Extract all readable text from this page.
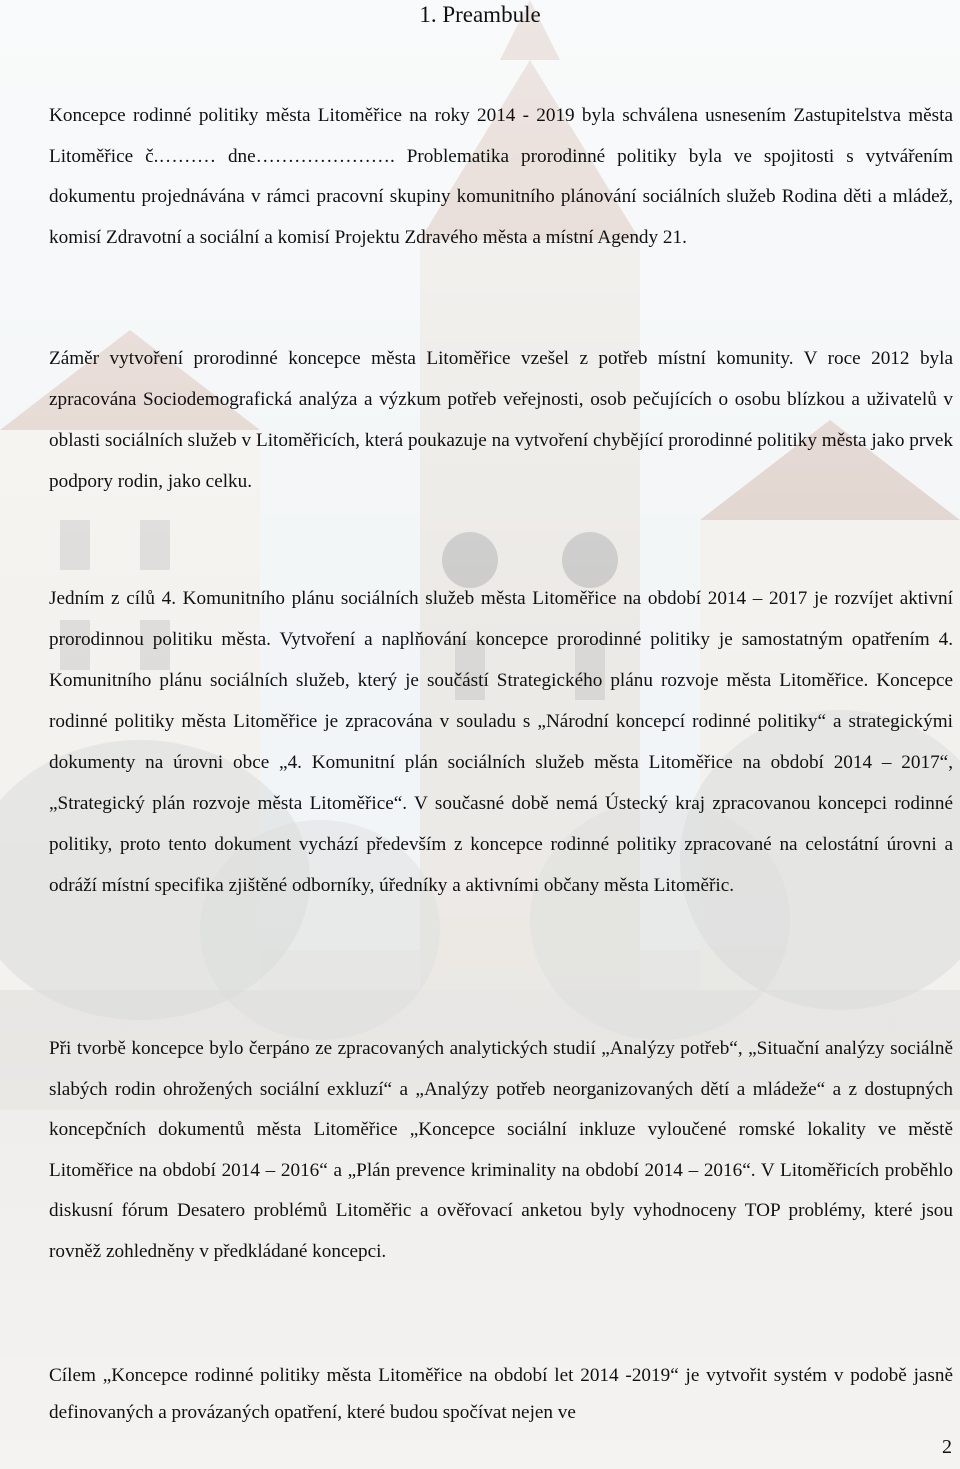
1. Preambule

Koncepce rodinné politiky města Litoměřice na roky 2014 - 2019 byla schválena usnesením Zastupitelstva města Litoměřice č.……… dne…………………. Problematika prorodinné politiky byla ve spojitosti s vytvářením dokumentu projednávána v rámci pracovní skupiny komunitního plánování sociálních služeb Rodina děti a mládež, komisí Zdravotní a sociální a komisí Projektu Zdravého města a místní Agendy 21.

Záměr vytvoření prorodinné koncepce města Litoměřice vzešel z potřeb místní komunity. V roce 2012 byla zpracována Sociodemografická analýza a výzkum potřeb veřejnosti, osob pečujících o osobu blízkou a uživatelů v oblasti sociálních služeb v Litoměřicích, která poukazuje na vytvoření chybějící prorodinné politiky města jako prvek podpory rodin, jako celku.

Jedním z cílů 4. Komunitního plánu sociálních služeb města Litoměřice na období 2014 – 2017 je rozvíjet aktivní prorodinnou politiku města. Vytvoření a naplňování koncepce prorodinné politiky je samostatným opatřením 4. Komunitního plánu sociálních služeb, který je součástí Strategického plánu rozvoje města Litoměřice. Koncepce rodinné politiky města Litoměřice je zpracována v souladu s „Národní koncepcí rodinné politiky“ a strategickými dokumenty na úrovni obce „4. Komunitní plán sociálních služeb města Litoměřice na období 2014 – 2017“, „Strategický plán rozvoje města Litoměřice“. V současné době nemá Ústecký kraj zpracovanou koncepci rodinné politiky, proto tento dokument vychází především z koncepce rodinné politiky zpracované na celostátní úrovni a odráží místní specifika zjištěné odborníky, úředníky a aktivními občany města Litoměřic.

Při tvorbě koncepce bylo čerpáno ze zpracovaných analytických studií „Analýzy potřeb“, „Situační analýzy sociálně slabých rodin ohrožených sociální exkluzí“ a „Analýzy potřeb neorganizovaných dětí a mládeže“ a z dostupných koncepčních dokumentů města Litoměřice „Koncepce sociální inkluze vyloučené romské lokality ve městě Litoměřice na období 2014 – 2016“ a „Plán prevence kriminality na období 2014 – 2016“. V Litoměřicích proběhlo diskusní fórum Desatero problémů Litoměřic a ověřovací anketou byly vyhodnoceny TOP problémy, které jsou rovněž zohledněny v předkládané koncepci.

Cílem „Koncepce rodinné politiky města Litoměřice na období let 2014 -2019“ je vytvořit systém v podobě jasně definovaných a provázaných opatření, které budou spočívat nejen ve

2
